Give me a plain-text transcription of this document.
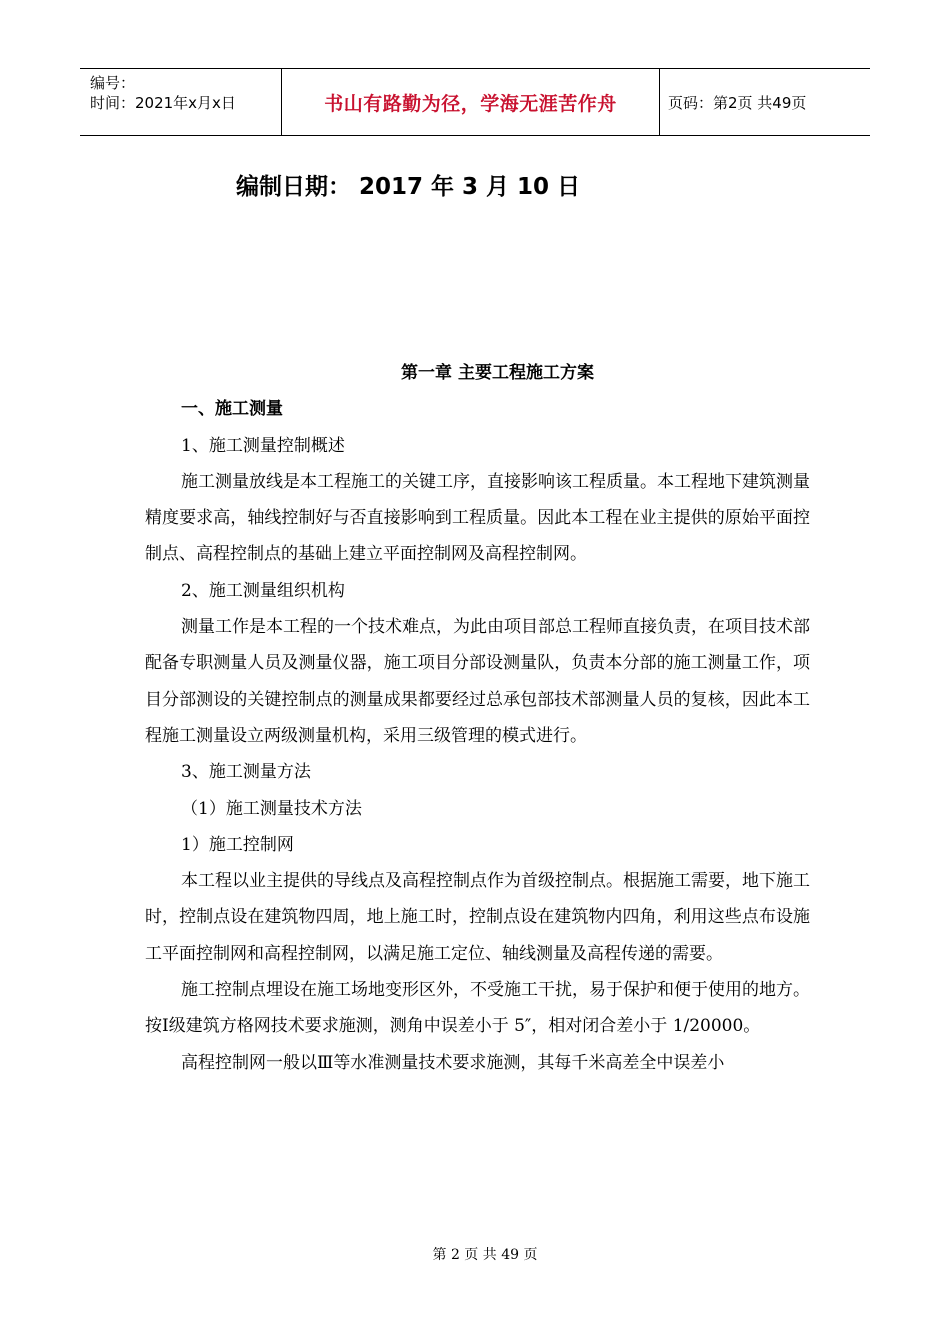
编号：
时间：2021年x月x日	书山有路勤为径，学海无涯苦作舟	页码：第2页 共49页
编制日期： 2017 年 3 月 10 日
第一章 主要工程施工方案
一、施工测量
1、施工测量控制概述
施工测量放线是本工程施工的关键工序，直接影响该工程质量。本工程地下建筑测量精度要求高，轴线控制好与否直接影响到工程质量。因此本工程在业主提供的原始平面控制点、高程控制点的基础上建立平面控制网及高程控制网。
2、施工测量组织机构
测量工作是本工程的一个技术难点，为此由项目部总工程师直接负责，在项目技术部配备专职测量人员及测量仪器，施工项目分部设测量队，负责本分部的施工测量工作，项目分部测设的关键控制点的测量成果都要经过总承包部技术部测量人员的复核，因此本工程施工测量设立两级测量机构，采用三级管理的模式进行。
3、施工测量方法
（1）施工测量技术方法
1）施工控制网
本工程以业主提供的导线点及高程控制点作为首级控制点。根据施工需要，地下施工时，控制点设在建筑物四周，地上施工时，控制点设在建筑物内四角，利用这些点布设施工平面控制网和高程控制网，以满足施工定位、轴线测量及高程传递的需要。
施工控制点埋设在施工场地变形区外，不受施工干扰，易于保护和便于使用的地方。按Ⅰ级建筑方格网技术要求施测，测角中误差小于 5″，相对闭合差小于 1/20000。
高程控制网一般以Ⅲ等水准测量技术要求施测，其每千米高差全中误差小
第 2 页 共 49 页
